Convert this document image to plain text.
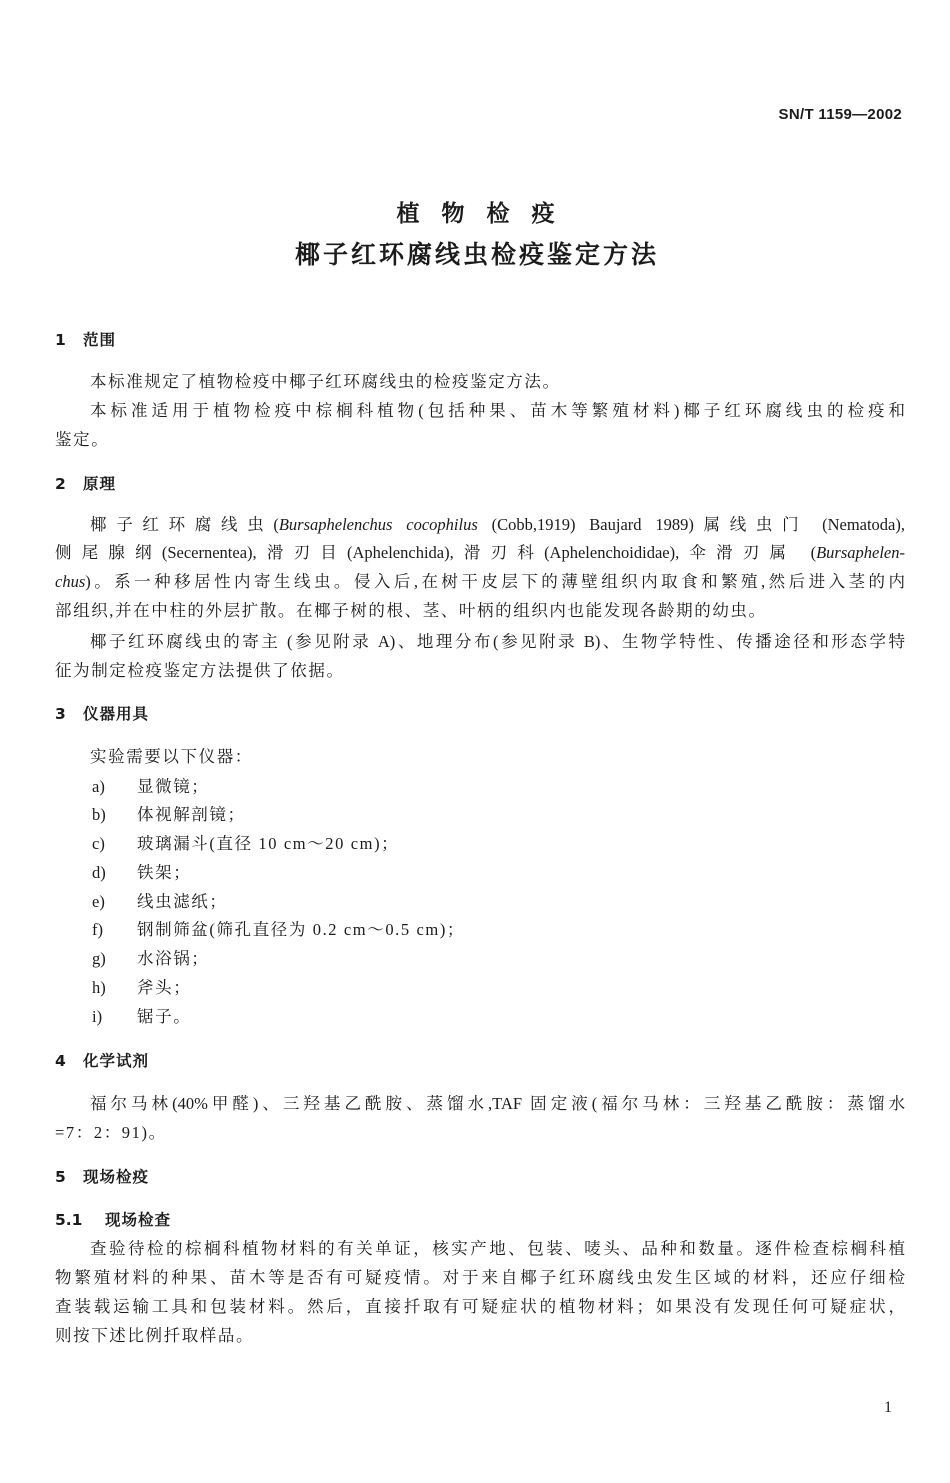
SN/T 1159—2002
植 物 检 疫
椰子红环腐线虫检疫鉴定方法
1 范围
本标准规定了植物检疫中椰子红环腐线虫的检疫鉴定方法。
本标准适用于植物检疫中棕榈科植物(包括种果、苗木等繁殖材料)椰子红环腐线虫的检疫和
鉴定。
2 原理
椰子红环腐线虫(Bursaphelenchus cocophilus (Cobb,1919) Baujard 1989)属线虫门 (Nematoda),
侧尾腺纲(Secernentea),滑刃目(Aphelenchida),滑刃科(Aphelenchoididae),伞滑刃属 (Bursaphelen-
chus)。系一种移居性内寄生线虫。侵入后,在树干皮层下的薄壁组织内取食和繁殖,然后进入茎的内
部组织,并在中柱的外层扩散。在椰子树的根、茎、叶柄的组织内也能发现各龄期的幼虫。
椰子红环腐线虫的寄主 (参见附录 A)、地理分布(参见附录 B)、生物学特性、传播途径和形态学特
征为制定检疫鉴定方法提供了依据。
3 仪器用具
实验需要以下仪器：
a) 显微镜；
b) 体视解剖镜；
c) 玻璃漏斗(直径 10 cm～20 cm)；
d) 铁架；
e) 线虫滤纸；
f) 钢制筛盆(筛孔直径为 0.2 cm～0.5 cm)；
g) 水浴锅；
h) 斧头；
i) 锯子。
4 化学试剂
福尔马林(40%甲醛)、三羟基乙酰胺、蒸馏水,TAF 固定液(福尔马林：三羟基乙酰胺：蒸馏水
=7：2：91)。
5 现场检疫
5.1 现场检查
查验待检的棕榈科植物材料的有关单证，核实产地、包装、唛头、品种和数量。逐件检查棕榈科植
物繁殖材料的种果、苗木等是否有可疑疫情。对于来自椰子红环腐线虫发生区域的材料，还应仔细检
查装载运输工具和包装材料。然后，直接扦取有可疑症状的植物材料；如果没有发现任何可疑症状，
则按下述比例扦取样品。
1
